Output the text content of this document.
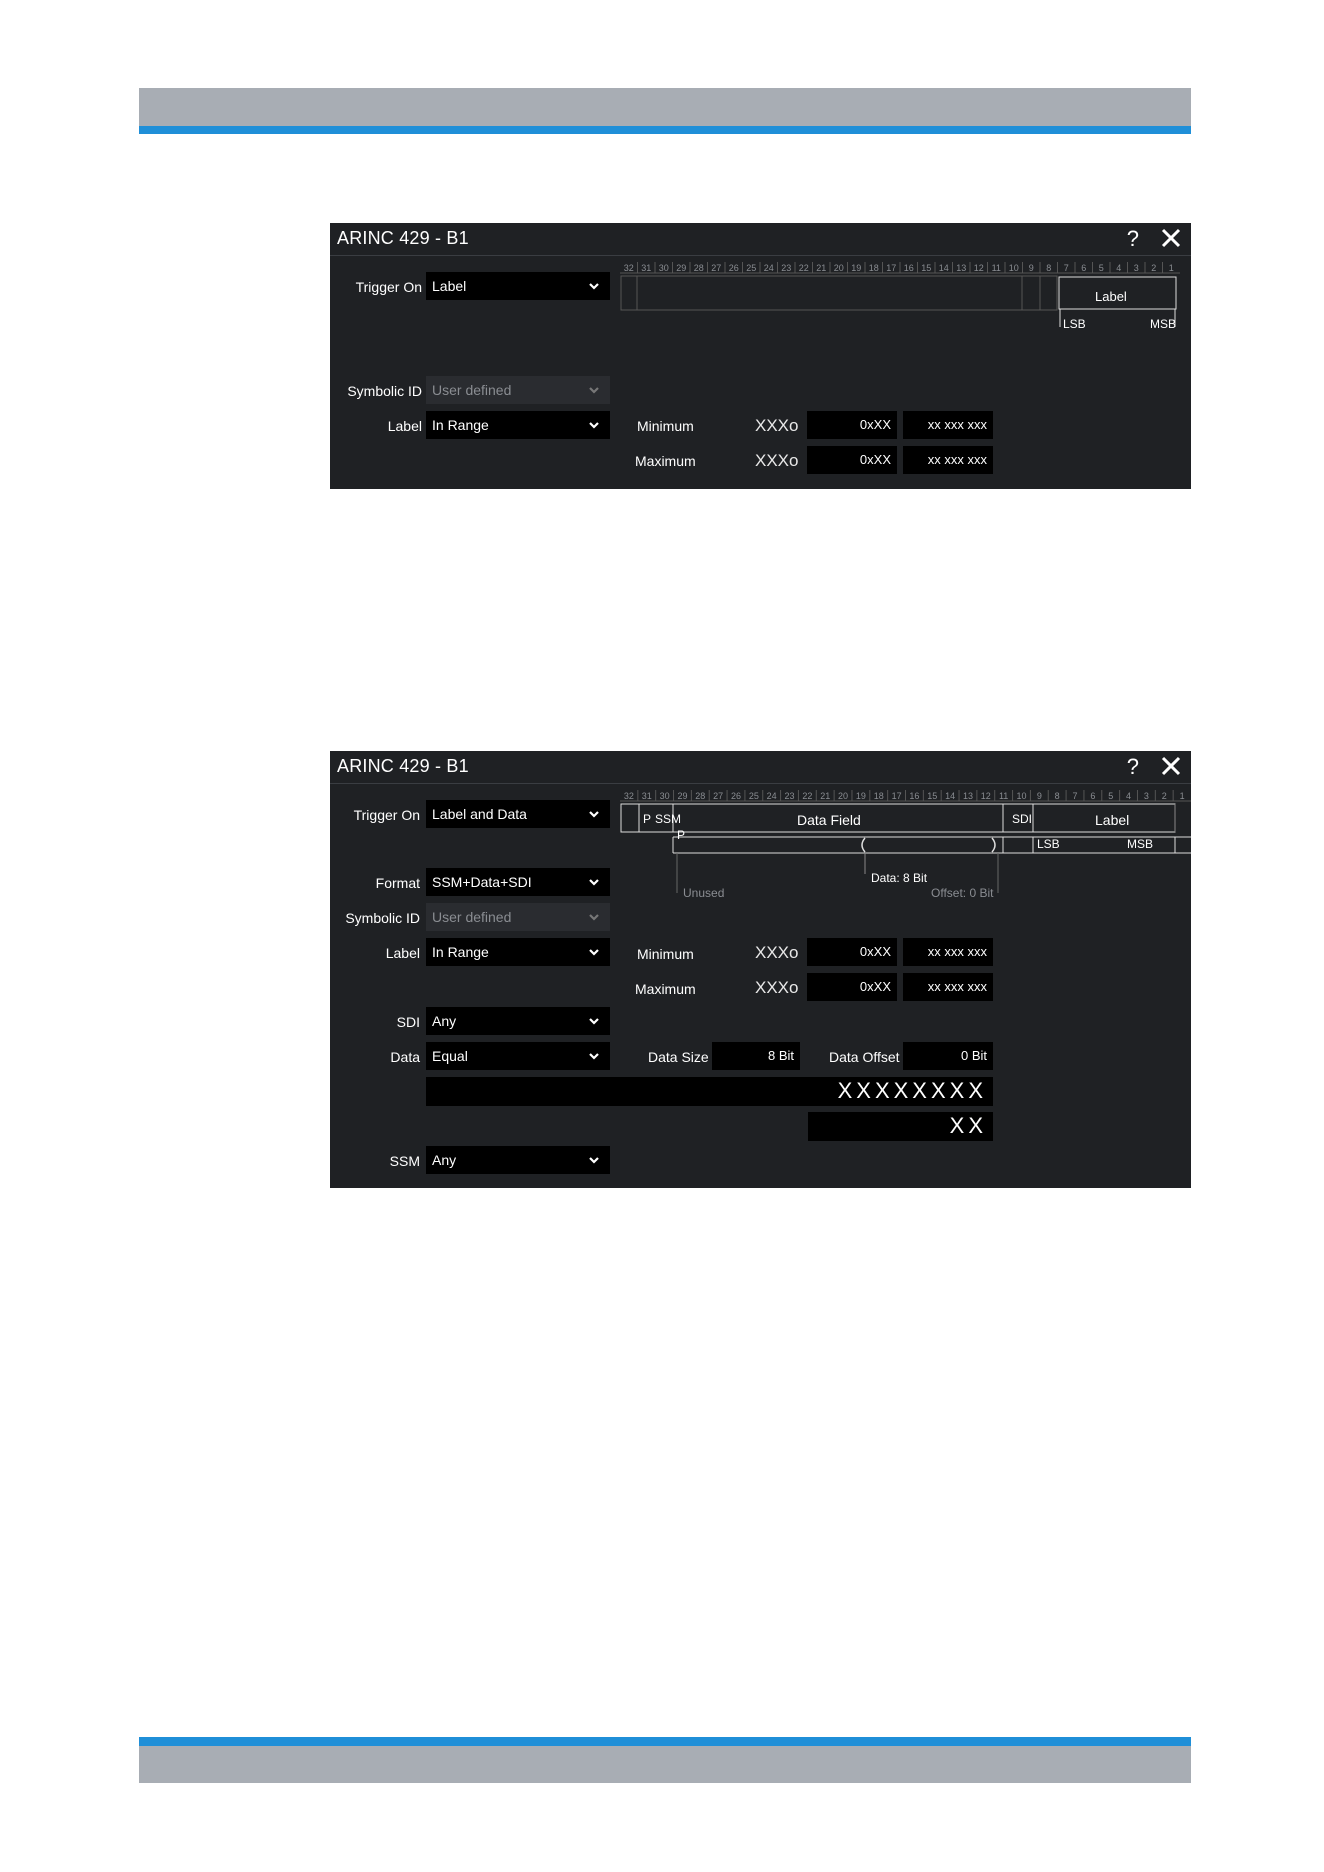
ARINC 429 - B1	?
32 31 30 29 28 27 26 25 24 23 22 21 20 19 18 17 16 15 14 13 12 11 10 9 8 7 6 5 4 3 2 1
Label
LSB	MSB
Trigger On Label
Symbolic ID User defined
Label In Range	Minimum	XXXo	0xXX	xx xxx xxx
Maximum	XXXo	0xXX	xx xxx xxx
ARINC 429 - B1	?
32 31 30 29 28 27 26 25 24 23 22 21 20 19 18 17 16 15 14 13 12 11 10 9 8 7 6 5 4 3 2 1
P
P SSM	Data Field	SDI	Label
LSB	MSB
Data: 8 Bit
Unused	Offset: 0 Bit
Trigger On Label and Data
Format SSM+Data+SDI
Symbolic ID User defined
Label In Range	Minimum	XXXo	0xXX	xx xxx xxx
Maximum	XXXo	0xXX	xx xxx xxx
SDI Any
Data Equal	Data Size	8 Bit	Data Offset	0 Bit
XXXXXXXX
XX
SSM Any
